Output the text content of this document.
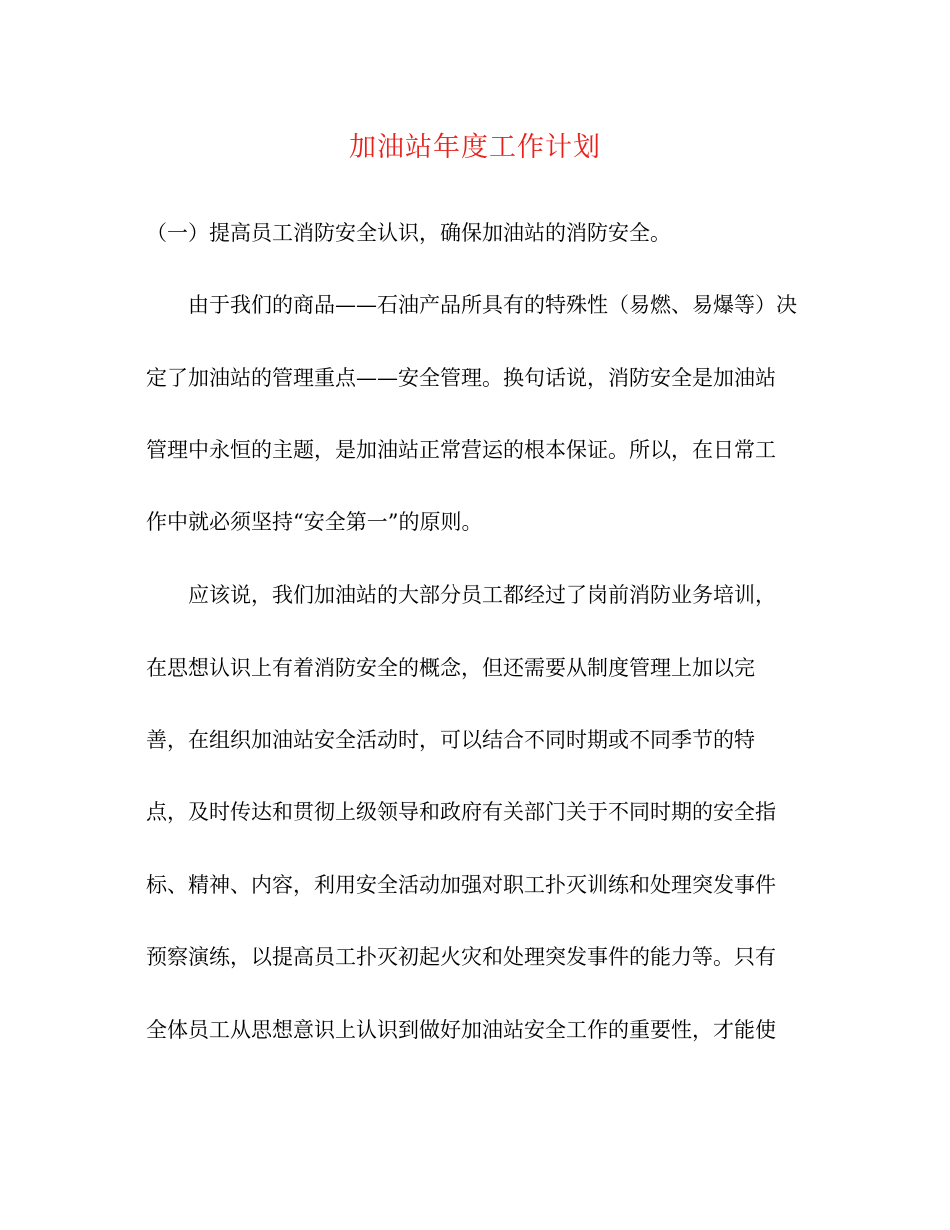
加油站年度工作计划
（一）提高员工消防安全认识，确保加油站的消防安全。
由于我们的商品——石油产品所具有的特殊性（易燃、易爆等）决
定了加油站的管理重点——安全管理。换句话说，消防安全是加油站
管理中永恒的主题，是加油站正常营运的根本保证。所以，在日常工
作中就必须坚持“安全第一”的原则。
应该说，我们加油站的大部分员工都经过了岗前消防业务培训，
在思想认识上有着消防安全的概念，但还需要从制度管理上加以完
善，在组织加油站安全活动时，可以结合不同时期或不同季节的特
点，及时传达和贯彻上级领导和政府有关部门关于不同时期的安全指
标、精神、内容，利用安全活动加强对职工扑灭训练和处理突发事件
预察演练，以提高员工扑灭初起火灾和处理突发事件的能力等。只有
全体员工从思想意识上认识到做好加油站安全工作的重要性，才能使
